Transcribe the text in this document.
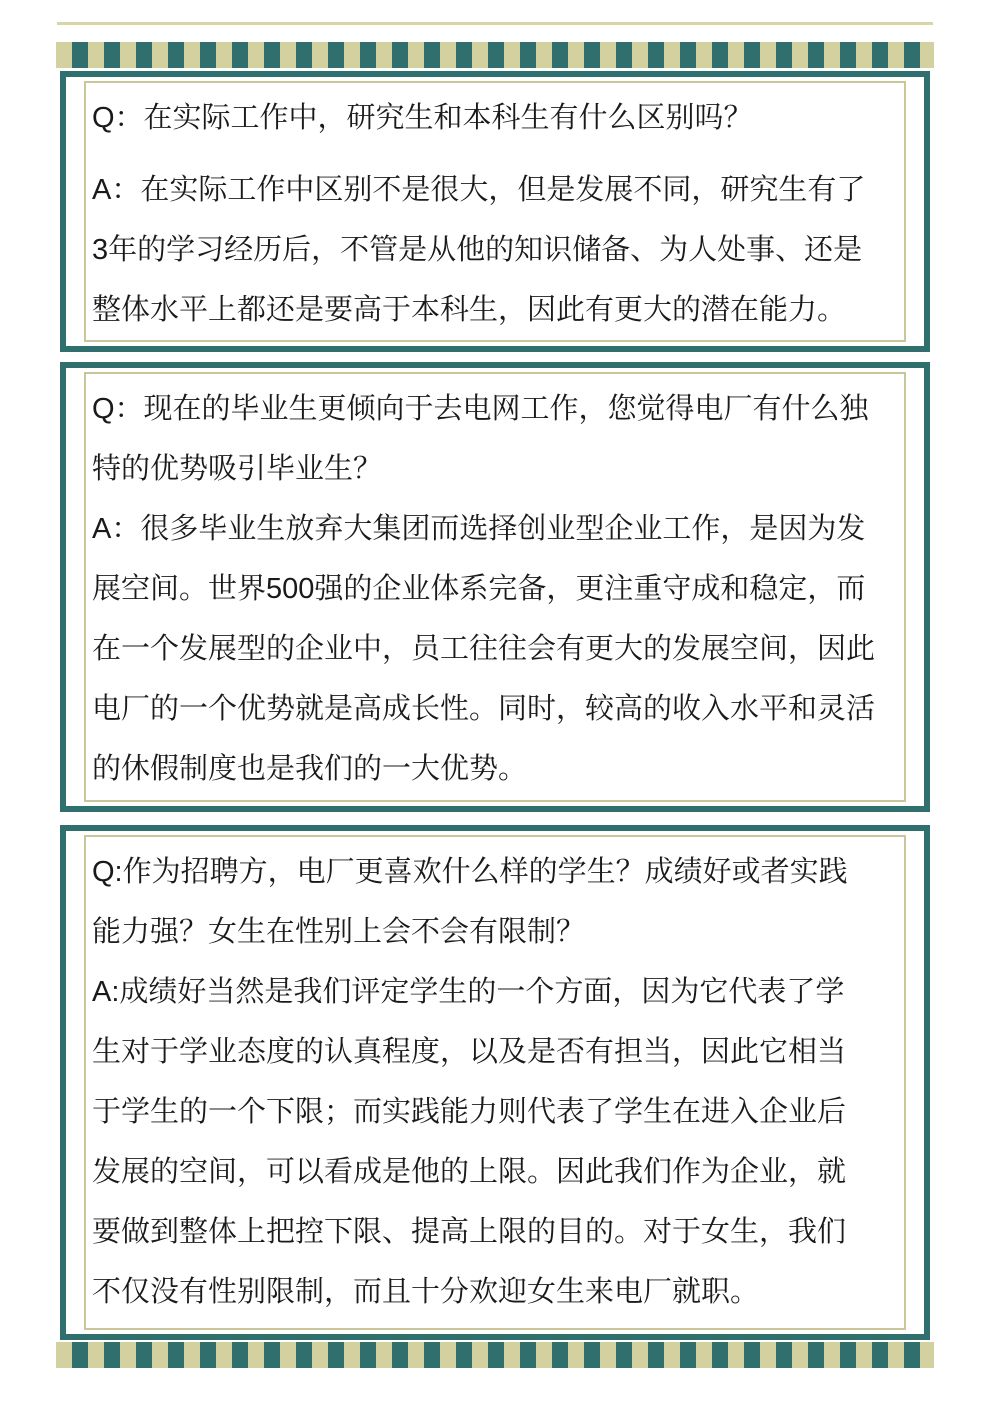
Q：在实际工作中，研究生和本科生有什么区别吗？
A：在实际工作中区别不是很大，但是发展不同，研究生有了
3年的学习经历后，不管是从他的知识储备、为人处事、还是
整体水平上都还是要高于本科生，因此有更大的潜在能力。
Q：现在的毕业生更倾向于去电网工作，您觉得电厂有什么独
特的优势吸引毕业生？
A：很多毕业生放弃大集团而选择创业型企业工作，是因为发
展空间。世界500强的企业体系完备，更注重守成和稳定，而
在一个发展型的企业中，员工往往会有更大的发展空间，因此
电厂的一个优势就是高成长性。同时，较高的收入水平和灵活
的休假制度也是我们的一大优势。
Q:作为招聘方，电厂更喜欢什么样的学生？成绩好或者实践
能力强？女生在性别上会不会有限制？
A:成绩好当然是我们评定学生的一个方面，因为它代表了学
生对于学业态度的认真程度，以及是否有担当，因此它相当
于学生的一个下限；而实践能力则代表了学生在进入企业后
发展的空间，可以看成是他的上限。因此我们作为企业，就
要做到整体上把控下限、提高上限的目的。对于女生，我们
不仅没有性别限制，而且十分欢迎女生来电厂就职。
